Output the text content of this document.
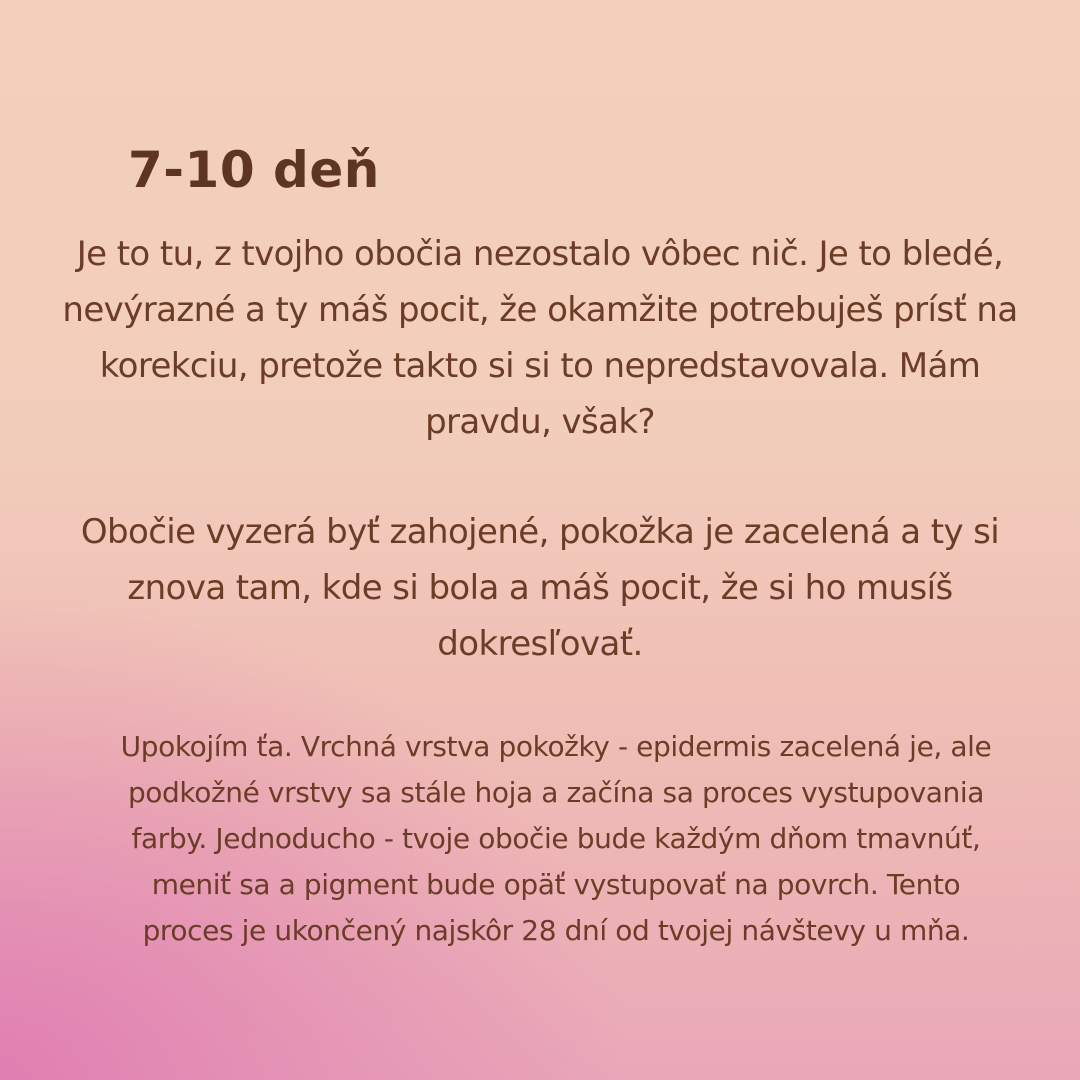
7-10 deň

Je to tu, z tvojho obočia nezostalo vôbec nič. Je to bledé, nevýrazné a ty máš pocit, že okamžite potrebuješ prísť na korekciu, pretože takto si si to nepredstavovala. Mám pravdu, však?

Obočie vyzerá byť zahojené, pokožka je zacelená a ty si znova tam, kde si bola a máš pocit, že si ho musíš dokresľovať.

Upokojím ťa. Vrchná vrstva pokožky - epidermis zacelená je, ale podkožné vrstvy sa stále hoja a začína sa proces vystupovania farby. Jednoducho - tvoje obočie bude každým dňom tmavnúť, meniť sa a pigment bude opäť vystupovať na povrch. Tento proces je ukončený najskôr 28 dní od tvojej návštevy u mňa.
